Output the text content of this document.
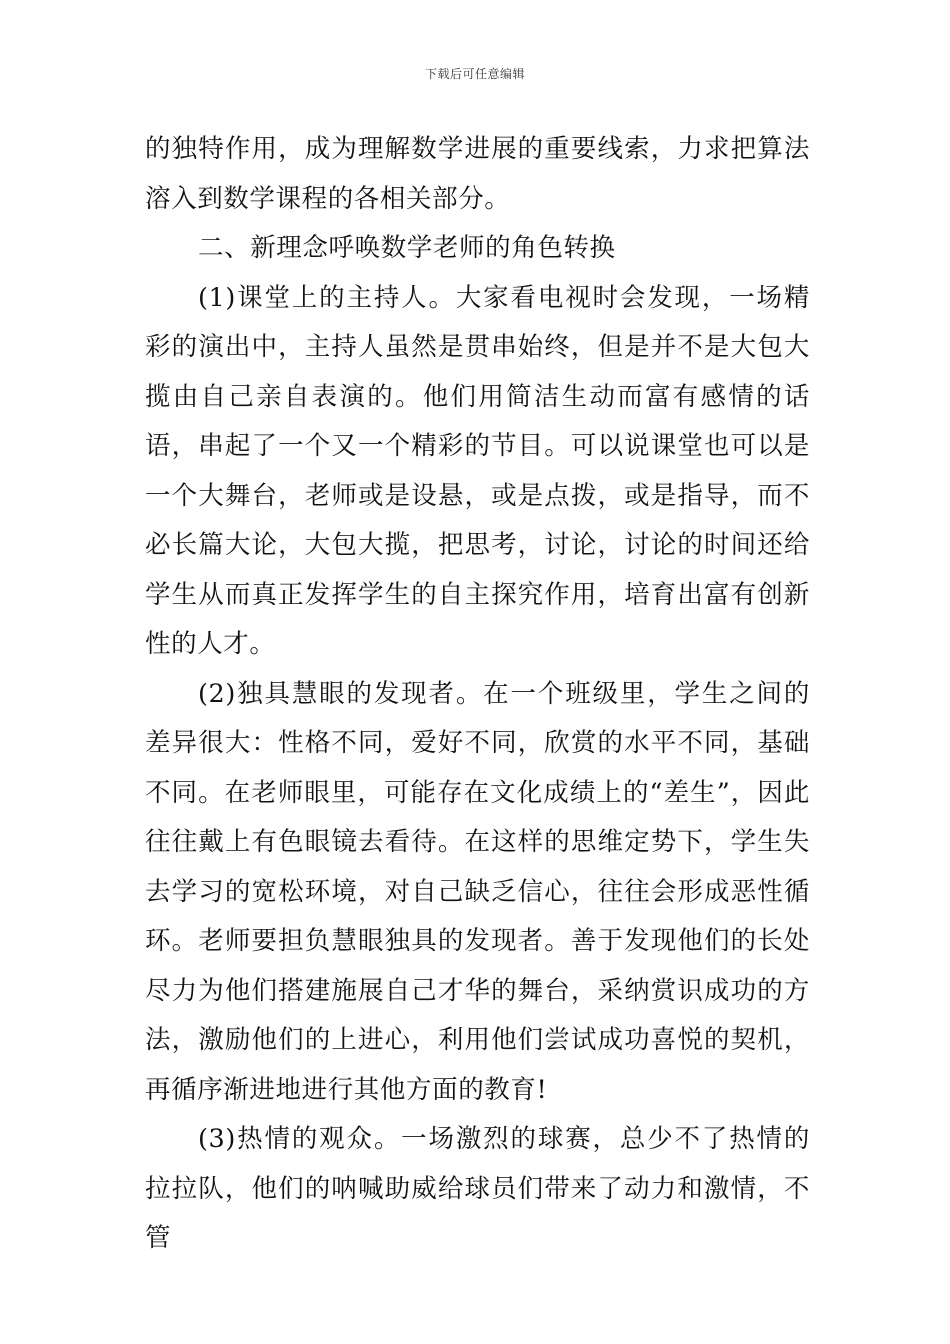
下载后可任意编辑

的独特作用，成为理解数学进展的重要线索，力求把算法溶入到数学课程的各相关部分。

二、新理念呼唤数学老师的角色转换

(1)课堂上的主持人。大家看电视时会发现，一场精彩的演出中，主持人虽然是贯串始终，但是并不是大包大揽由自己亲自表演的。他们用简洁生动而富有感情的话语，串起了一个又一个精彩的节目。可以说课堂也可以是一个大舞台，老师或是设悬，或是点拨，或是指导，而不必长篇大论，大包大揽，把思考，讨论，讨论的时间还给学生从而真正发挥学生的自主探究作用，培育出富有创新性的人才。

(2)独具慧眼的发现者。在一个班级里，学生之间的差异很大：性格不同，爱好不同，欣赏的水平不同，基础不同。在老师眼里，可能存在文化成绩上的“差生”，因此往往戴上有色眼镜去看待。在这样的思维定势下，学生失去学习的宽松环境，对自己缺乏信心，往往会形成恶性循环。老师要担负慧眼独具的发现者。善于发现他们的长处尽力为他们搭建施展自己才华的舞台，采纳赏识成功的方法，激励他们的上进心，利用他们尝试成功喜悦的契机，再循序渐进地进行其他方面的教育!

(3)热情的观众。一场激烈的球赛，总少不了热情的拉拉队，他们的呐喊助威给球员们带来了动力和激情，不管
